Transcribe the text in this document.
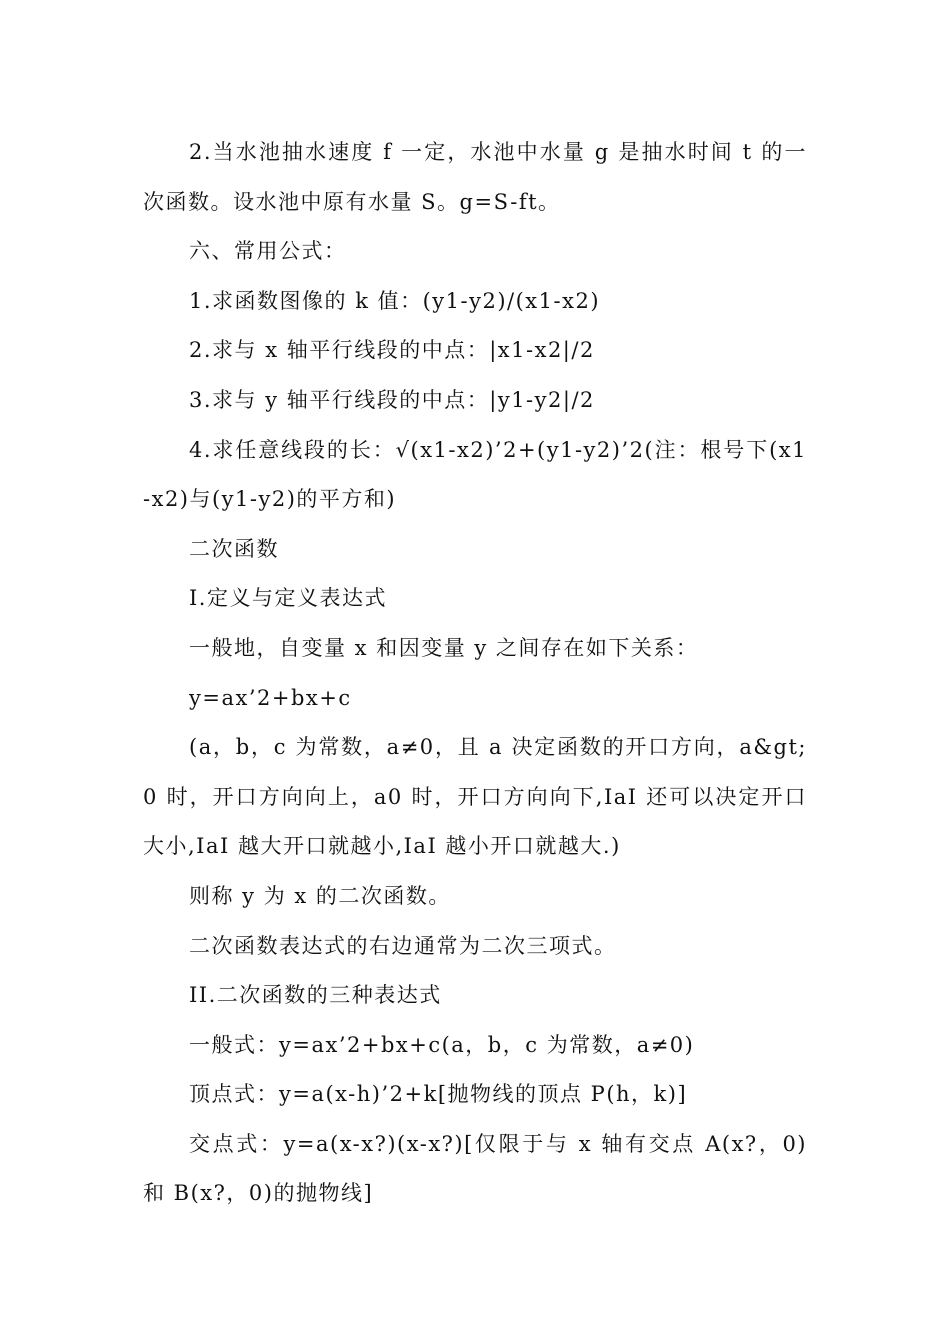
2.当水池抽水速度 f 一定，水池中水量 g 是抽水时间 t 的一次函数。设水池中原有水量 S。g=S-ft。

六、常用公式：

1.求函数图像的 k 值：(y1-y2)/(x1-x2)

2.求与 x 轴平行线段的中点：|x1-x2|/2

3.求与 y 轴平行线段的中点：|y1-y2|/2

4.求任意线段的长：√(x1-x2)’2+(y1-y2)’2(注：根号下(x1-x2)与(y1-y2)的平方和)

二次函数

I.定义与定义表达式

一般地，自变量 x 和因变量 y 之间存在如下关系：

y=ax’2+bx+c

(a，b，c 为常数，a≠0，且 a 决定函数的开口方向，a&gt;0 时，开口方向向上，a0 时，开口方向向下,IaI 还可以决定开口大小,IaI 越大开口就越小,IaI 越小开口就越大.)

则称 y 为 x 的二次函数。

二次函数表达式的右边通常为二次三项式。

II.二次函数的三种表达式

一般式：y=ax’2+bx+c(a，b，c 为常数，a≠0)

顶点式：y=a(x-h)’2+k[抛物线的顶点 P(h，k)]

交点式：y=a(x-x?)(x-x?)[仅限于与 x 轴有交点 A(x?，0)和 B(x?，0)的抛物线]
